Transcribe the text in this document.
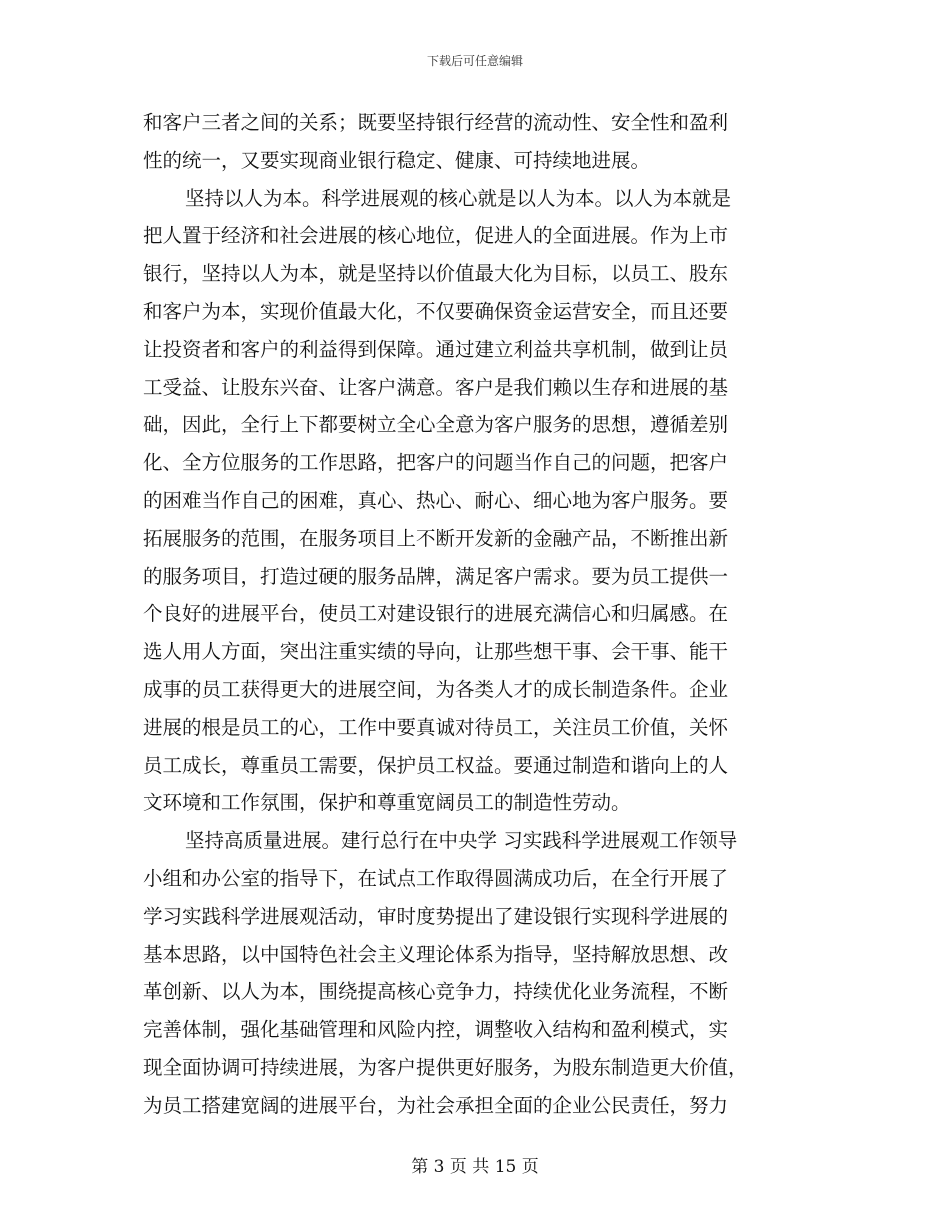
下载后可任意编辑
和客户三者之间的关系；既要坚持银行经营的流动性、安全性和盈利
性的统一，又要实现商业银行稳定、健康、可持续地进展。
坚持以人为本。科学进展观的核心就是以人为本。以人为本就是
把人置于经济和社会进展的核心地位，促进人的全面进展。作为上市
银行，坚持以人为本，就是坚持以价值最大化为目标，以员工、股东
和客户为本，实现价值最大化，不仅要确保资金运营安全，而且还要
让投资者和客户的利益得到保障。通过建立利益共享机制，做到让员
工受益、让股东兴奋、让客户满意。客户是我们赖以生存和进展的基
础，因此，全行上下都要树立全心全意为客户服务的思想，遵循差别
化、全方位服务的工作思路，把客户的问题当作自己的问题，把客户
的困难当作自己的困难，真心、热心、耐心、细心地为客户服务。要
拓展服务的范围，在服务项目上不断开发新的金融产品，不断推出新
的服务项目，打造过硬的服务品牌，满足客户需求。要为员工提供一
个良好的进展平台，使员工对建设银行的进展充满信心和归属感。在
选人用人方面，突出注重实绩的导向，让那些想干事、会干事、能干
成事的员工获得更大的进展空间，为各类人才的成长制造条件。企业
进展的根是员工的心，工作中要真诚对待员工，关注员工价值，关怀
员工成长，尊重员工需要，保护员工权益。要通过制造和谐向上的人
文环境和工作氛围，保护和尊重宽阔员工的制造性劳动。
坚持高质量进展。建行总行在中央学 习实践科学进展观工作领导
小组和办公室的指导下，在试点工作取得圆满成功后，在全行开展了
学习实践科学进展观活动，审时度势提出了建设银行实现科学进展的
基本思路，以中国特色社会主义理论体系为指导，坚持解放思想、改
革创新、以人为本，围绕提高核心竞争力，持续优化业务流程，不断
完善体制，强化基础管理和风险内控，调整收入结构和盈利模式，实
现全面协调可持续进展，为客户提供更好服务，为股东制造更大价值，
为员工搭建宽阔的进展平台，为社会承担全面的企业公民责任，努力
第 3 页 共 15 页
